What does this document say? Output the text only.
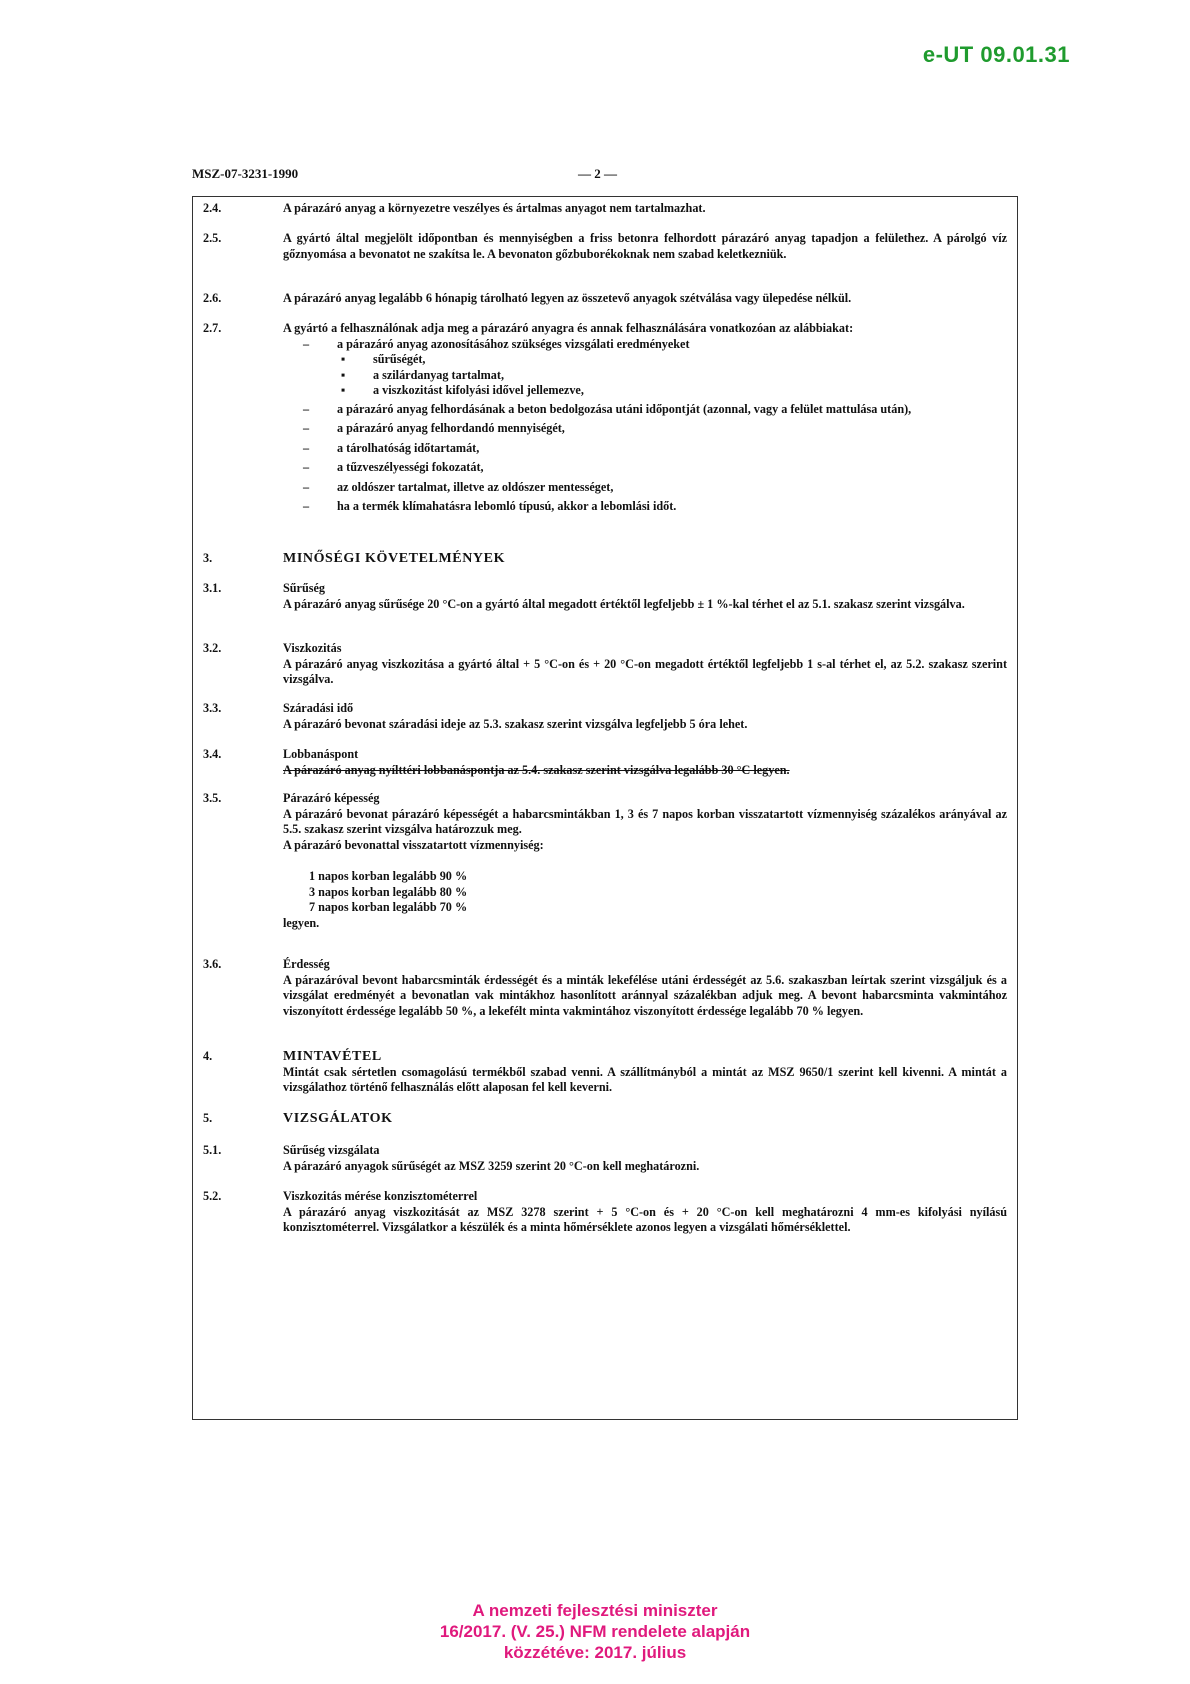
e-UT 09.01.31
MSZ-07-3231-1990	— 2 —
2.4.	A párazáró anyag a környezetre veszélyes és ártalmas anyagot nem tartalmazhat.
2.5.	A gyártó által megjelölt időpontban és mennyiségben a friss betonra felhordott párazáró anyag tapadjon a felülethez. A párolgó víz gőznyomása a bevonatot ne szakítsa le. A bevonaton gőzbuborékoknak nem szabad keletkezniük.
2.6.	A párazáró anyag legalább 6 hónapig tárolható legyen az összetevő anyagok szétválása vagy ülepedése nélkül.
2.7.	A gyártó a felhasználónak adja meg a párazáró anyagra és annak felhasználására vonatkozóan az alábbiakat:
– a párazáró anyag azonosításához szükséges vizsgálati eredményeket
▪ sűrűségét,
▪ a szilárdanyag tartalmat,
▪ a viszkozitást kifolyási idővel jellemezve,
– a párazáró anyag felhordásának a beton bedolgozása utáni időpontját (azonnal, vagy a felület mattulása után),
– a párazáró anyag felhordandó mennyiségét,
– a tárolhatóság időtartamát,
– a tűzveszélyességi fokozatát,
– az oldószer tartalmat, illetve az oldószer mentességet,
– ha a termék klímahatásra lebomló típusú, akkor a lebomlási időt.
3.	MINŐSÉGI KÖVETELMÉNYEK
3.1.	Sűrűség
A párazáró anyag sűrűsége 20 °C-on a gyártó által megadott értéktől legfeljebb ± 1 %-kal térhet el az 5.1. szakasz szerint vizsgálva.
3.2.	Viszkozitás
A párazáró anyag viszkozitása a gyártó által + 5 °C-on és + 20 °C-on megadott értéktől legfeljebb 1 s-al térhet el, az 5.2. szakasz szerint vizsgálva.
3.3.	Száradási idő
A párazáró bevonat száradási ideje az 5.3. szakasz szerint vizsgálva legfeljebb 5 óra lehet.
3.4.	Lobbanáspont
A párazáró anyag nyílttéri lobbanáspontja az 5.4. szakasz szerint vizsgálva legalább 30 °C legyen.
3.5.	Párazáró képesség
A párazáró bevonat párazáró képességét a habarcsmintákban 1, 3 és 7 napos korban visszatartott vízmennyiség százalékos arányával az 5.5. szakasz szerint vizsgálva határozzuk meg.
A párazáró bevonattal visszatartott vízmennyiség:
1 napos korban legalább 90 %
3 napos korban legalább 80 %
7 napos korban legalább 70 %
legyen.
3.6.	Érdesség
A párazáróval bevont habarcsminták érdességét és a minták lekefélése utáni érdességét az 5.6. szakaszban leírtak szerint vizsgáljuk és a vizsgálat eredményét a bevonatlan vak mintákhoz hasonlított aránnyal százalékban adjuk meg. A bevont habarcsminta vakmintához viszonyított érdessége legalább 50 %, a lekefélt minta vakmintához viszonyított érdessége legalább 70 % legyen.
4.	MINTAVÉTEL
Mintát csak sértetlen csomagolású termékből szabad venni. A szállítmányból a mintát az MSZ 9650/1 szerint kell kivenni. A mintát a vizsgálathoz történő felhasználás előtt alaposan fel kell keverni.
5.	VIZSGÁLATOK
5.1.	Sűrűség vizsgálata
A párazáró anyagok sűrűségét az MSZ 3259 szerint 20 °C-on kell meghatározni.
5.2.	Viszkozitás mérése konzisztométerrel
A párazáró anyag viszkozitását az MSZ 3278 szerint + 5 °C-on és + 20 °C-on kell meghatározni 4 mm-es kifolyási nyílású konzisztométerrel. Vizsgálatkor a készülék és a minta hőmérséklete azonos legyen a vizsgálati hőmérséklettel.
A nemzeti fejlesztési miniszter
16/2017. (V. 25.) NFM rendelete alapján
közzétéve: 2017. július
